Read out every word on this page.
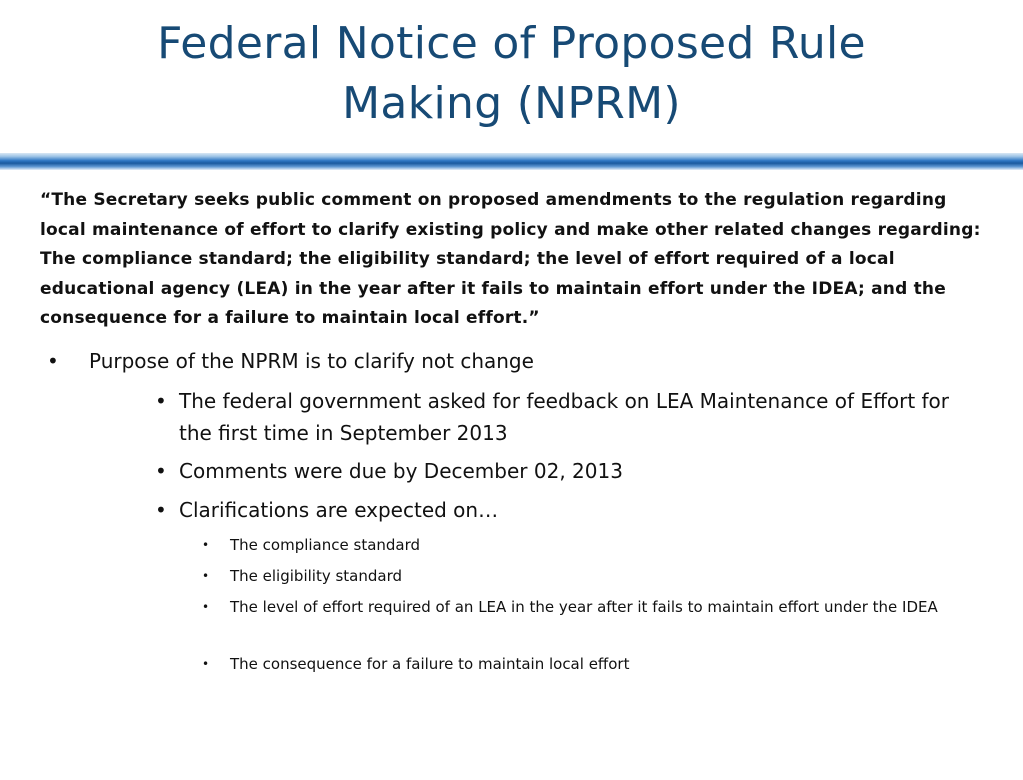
Federal Notice of Proposed Rule
Making (NPRM)
“The Secretary seeks public comment on proposed amendments to the regulation regarding local maintenance of effort to clarify existing policy and make other related changes regarding: The compliance standard; the eligibility standard; the level of effort required of a local educational agency (LEA) in the year after it fails to maintain effort under the IDEA; and the consequence for a failure to maintain local effort.”
• Purpose of the NPRM is to clarify not change
• The federal government asked for feedback on LEA Maintenance of Effort for the first time in September 2013
• Comments were due by December 02, 2013
• Clarifications are expected on…
• The compliance standard
• The eligibility standard
• The level of effort required of an LEA in the year after it fails to maintain effort under the IDEA
• The consequence for a failure to maintain local effort
